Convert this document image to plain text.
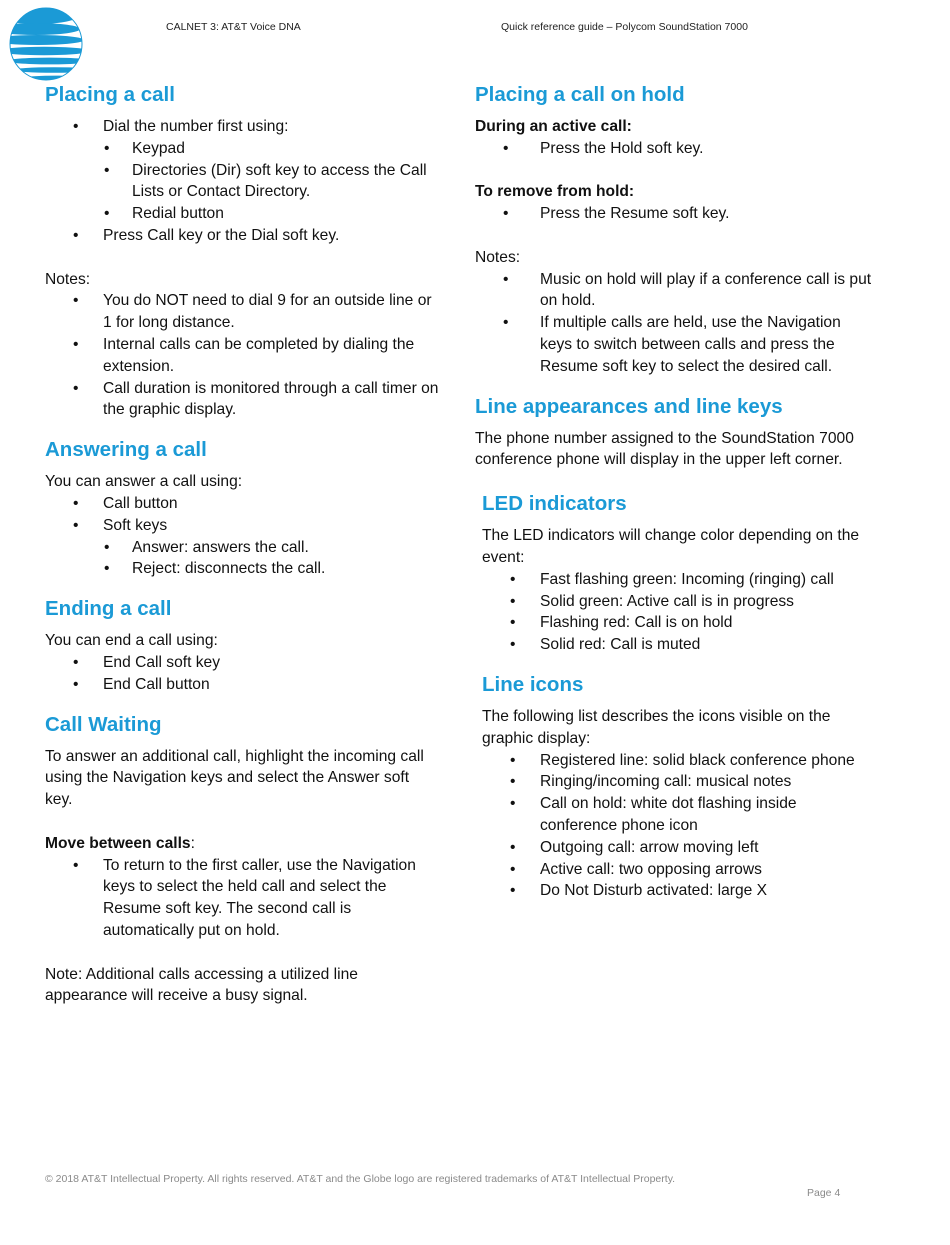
CALNET 3: AT&T Voice DNA	Quick reference guide – Polycom SoundStation 7000
Placing a call
• Dial the number first using:
• Keypad
• Directories (Dir) soft key to access the Call Lists or Contact Directory.
• Redial button
• Press Call key or the Dial soft key.

Notes:

• You do NOT need to dial 9 for an outside line or 1 for long distance.
• Internal calls can be completed by dialing the extension.
• Call duration is monitored through a call timer on the graphic display.
Answering a call

You can answer a call using:

• Call button
• Soft keys
• Answer: answers the call.
• Reject: disconnects the call.
Ending a call

You can end a call using:

• End Call soft key
• End Call button
Call Waiting

To answer an additional call, highlight the incoming call using the Navigation keys and select the Answer soft key.

Move between calls:

• To return to the first caller, use the Navigation keys to select the held call and select the Resume soft key. The second call is automatically put on hold.

Note: Additional calls accessing a utilized line appearance will receive a busy signal.

Placing a call on hold

During an active call:

• Press the Hold soft key.

To remove from hold:

• Press the Resume soft key.

Notes:

• Music on hold will play if a conference call is put on hold.
• If multiple calls are held, use the Navigation keys to switch between calls and press the Resume soft key to select the desired call.
Line appearances and line keys

The phone number assigned to the SoundStation 7000 conference phone will display in the upper left corner.

LED indicators

The LED indicators will change color depending on the event:

• Fast flashing green: Incoming (ringing) call
• Solid green: Active call is in progress
• Flashing red: Call is on hold
• Solid red: Call is muted
Line icons

The following list describes the icons visible on the graphic display:

• Registered line: solid black conference phone
• Ringing/incoming call: musical notes
• Call on hold: white dot flashing inside conference phone icon
• Outgoing call: arrow moving left
• Active call: two opposing arrows
• Do Not Disturb activated: large X
© 2018 AT&T Intellectual Property. All rights reserved. AT&T and the Globe logo are registered trademarks of AT&T Intellectual Property.
Page 4
